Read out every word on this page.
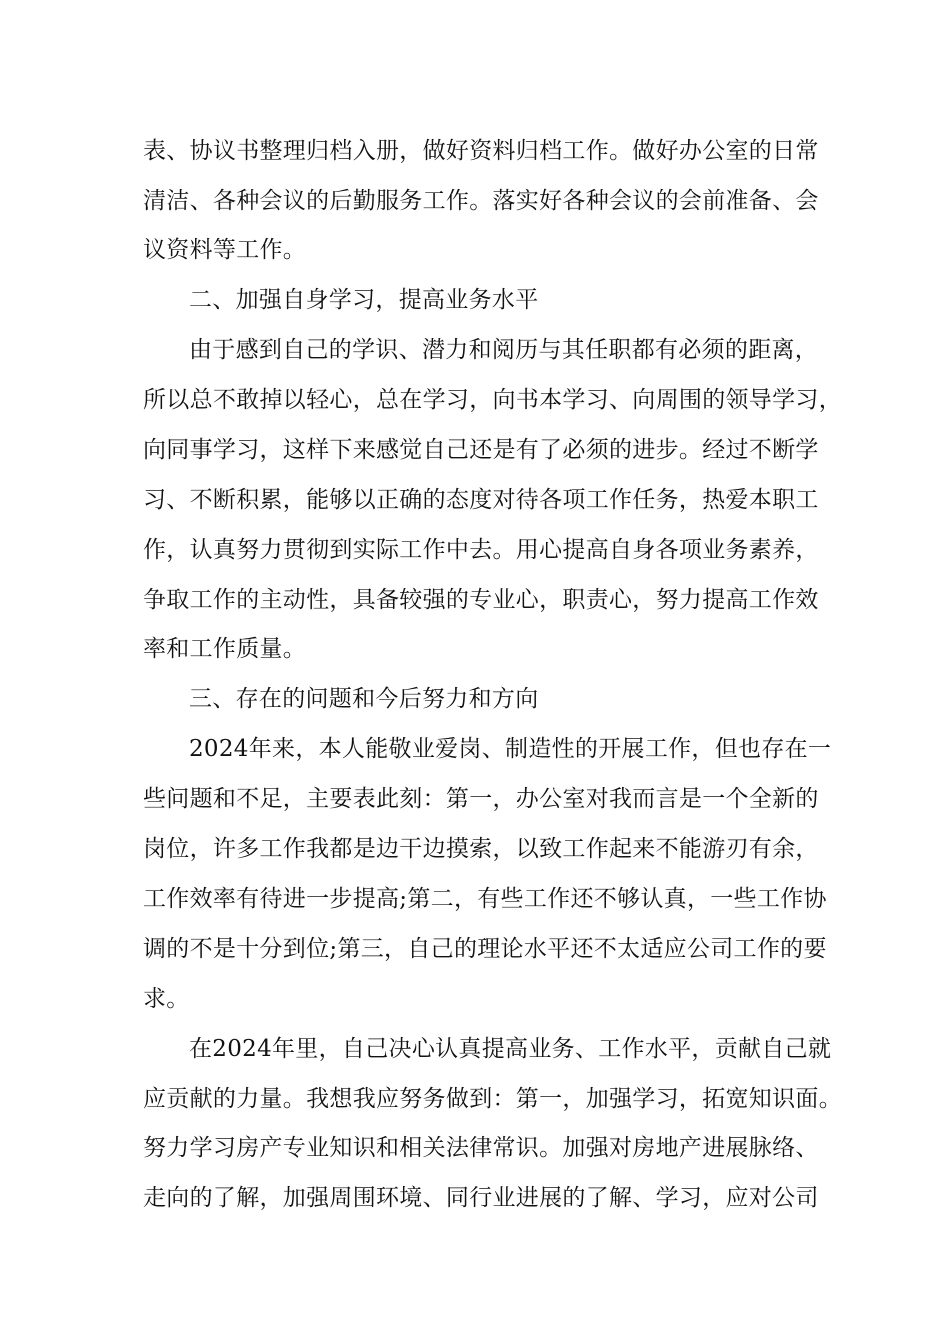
表、协议书整理归档入册，做好资料归档工作。做好办公室的日常
清洁、各种会议的后勤服务工作。落实好各种会议的会前准备、会
议资料等工作。
二、加强自身学习，提高业务水平
由于感到自己的学识、潜力和阅历与其任职都有必须的距离，
所以总不敢掉以轻心，总在学习，向书本学习、向周围的领导学习，
向同事学习，这样下来感觉自己还是有了必须的进步。经过不断学
习、不断积累，能够以正确的态度对待各项工作任务，热爱本职工
作，认真努力贯彻到实际工作中去。用心提高自身各项业务素养，
争取工作的主动性，具备较强的专业心，职责心，努力提高工作效
率和工作质量。
三、存在的问题和今后努力和方向
2024年来，本人能敬业爱岗、制造性的开展工作，但也存在一
些问题和不足，主要表此刻：第一，办公室对我而言是一个全新的
岗位，许多工作我都是边干边摸索，以致工作起来不能游刃有余，
工作效率有待进一步提高;第二，有些工作还不够认真，一些工作协
调的不是十分到位;第三，自己的理论水平还不太适应公司工作的要
求。
在2024年里，自己决心认真提高业务、工作水平，贡献自己就
应贡献的力量。我想我应努务做到：第一，加强学习，拓宽知识面。
努力学习房产专业知识和相关法律常识。加强对房地产进展脉络、
走向的了解，加强周围环境、同行业进展的了解、学习，应对公司
